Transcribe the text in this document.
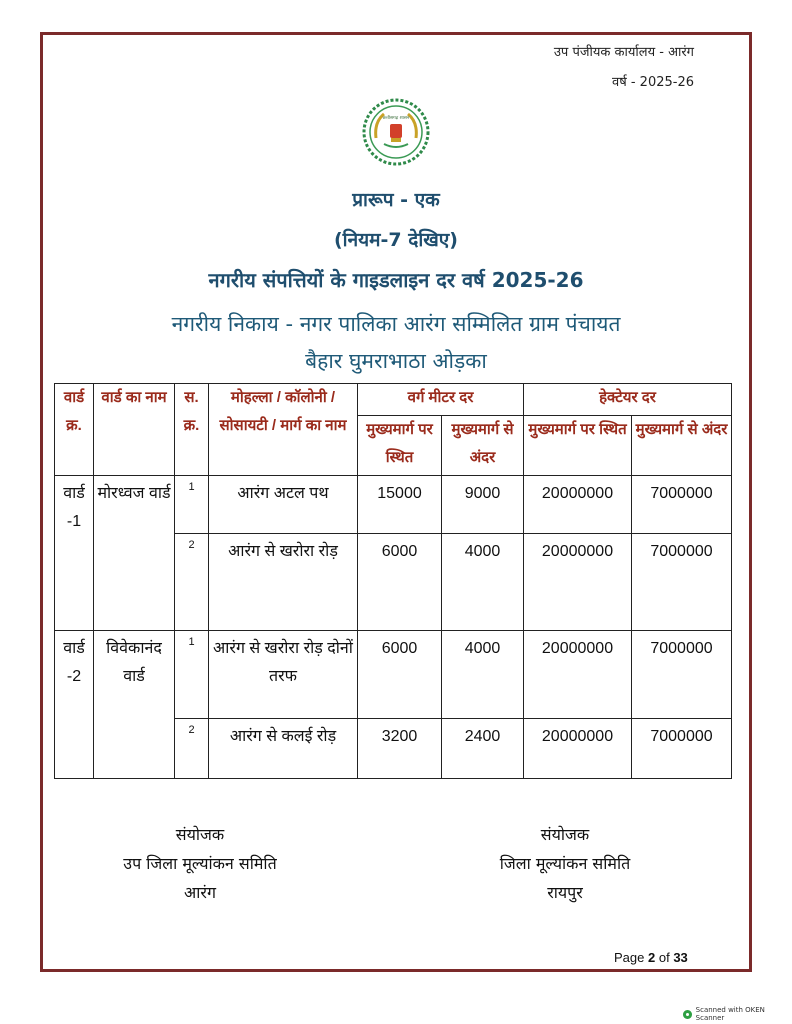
उप पंजीयक कार्यालय - आरंग
वर्ष - 2025-26
छत्तीसगढ़ शासन
प्रारूप - एक
(नियम-7 देखिए)
नगरीय संपत्तियों के गाइडलाइन दर वर्ष 2025-26
नगरीय निकाय - नगर पालिका आरंग सम्मिलित ग्राम पंचायत
बैहार घुमराभाठा ओड़का
वार्ड क्र.	वार्ड का नाम	स. क्र.	मोहल्ला / कॉलोनी / सोसायटी / मार्ग का नाम	वर्ग मीटर दर		हेक्टेयर दर	
				मुख्यमार्ग पर स्थित	मुख्यमार्ग से अंदर	मुख्यमार्ग पर स्थित	मुख्यमार्ग से अंदर
वार्ड -1	मोरध्वज वार्ड	1	आरंग अटल पथ	15000	9000	20000000	7000000
		2	आरंग से खरोरा रोड़	6000	4000	20000000	7000000
वार्ड -2	विवेकानंद वार्ड	1	आरंग से खरोरा रोड़ दोनों तरफ	6000	4000	20000000	7000000
		2	आरंग से कलई रोड़	3200	2400	20000000	7000000
संयोजक
उप जिला मूल्यांकन समिति
आरंग
संयोजक
जिला मूल्यांकन समिति
रायपुर
Page 2 of 33
Scanned with OKEN Scanner
